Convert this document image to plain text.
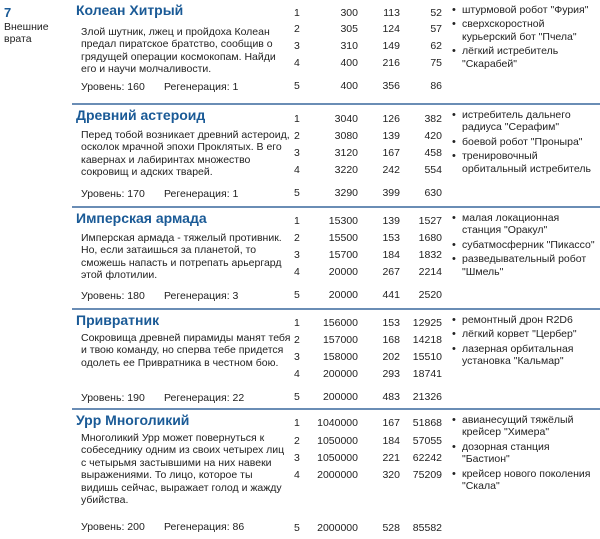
7
Внешние врата
Колеан Хитрый
Злой шутник, лжец и пройдоха Колеан предал пиратское братство, сообщив о грядущей операции космокопам. Найди его и научи молчаливости.
Уровень: 160 Регенерация: 1
1	300	113	52
2	305	124	57
3	310	149	62
4	400	216	75
5	400	356	86
• штурмовой робот "Фурия"
• сверхскоростной курьерский бот "Пчела"
• лёгкий истребитель "Скарабей"
Древний астероид
Перед тобой возникает древний астероид, осколок мрачной эпохи Проклятых. В его кавернах и лабиринтах множество сокровищ и адских тварей.
Уровень: 170 Регенерация: 1
1	3040	126	382
2	3080	139	420
3	3120	167	458
4	3220	242	554
5	3290	399	630
• истребитель дальнего радиуса "Серафим"
• боевой робот "Проныра"
• тренировочный орбитальный истребитель
Имперская армада
Имперская армада - тяжелый противник. Но, если затаишься за планетой, то сможешь напасть и потрепать арьергард этой флотилии.
Уровень: 180 Регенерация: 3
1	15300	139	1527
2	15500	153	1680
3	15700	184	1832
4	20000	267	2214
5	20000	441	2520
• малая локационная станция "Оракул"
• субатмосферник "Пикассо"
• разведывательный робот "Шмель"
Привратник
Сокровища древней пирамиды манят тебя и твою команду, но сперва тебе придется одолеть ее Привратника в честном бою.
Уровень: 190 Регенерация: 22
1	156000	153	12925
2	157000	168	14218
3	158000	202	15510
4	200000	293	18741
5	200000	483	21326
• ремонтный дрон R2D6
• лёгкий корвет "Цербер"
• лазерная орбитальная установка "Кальмар"
Урр Многоликий
Многоликий Урр может повернуться к собеседнику одним из своих четырех лиц с четырьмя застывшими на них навеки выражениями. То лицо, которое ты видишь сейчас, выражает голод и жажду убийства.
Уровень: 200 Регенерация: 86
1	1040000	167	51868
2	1050000	184	57055
3	1050000	221	62242
4	2000000	320	75209
5	2000000	528	85582
• авианесущий тяжёлый крейсер "Химера"
• дозорная станция "Бастион"
• крейсер нового поколения "Скала"
